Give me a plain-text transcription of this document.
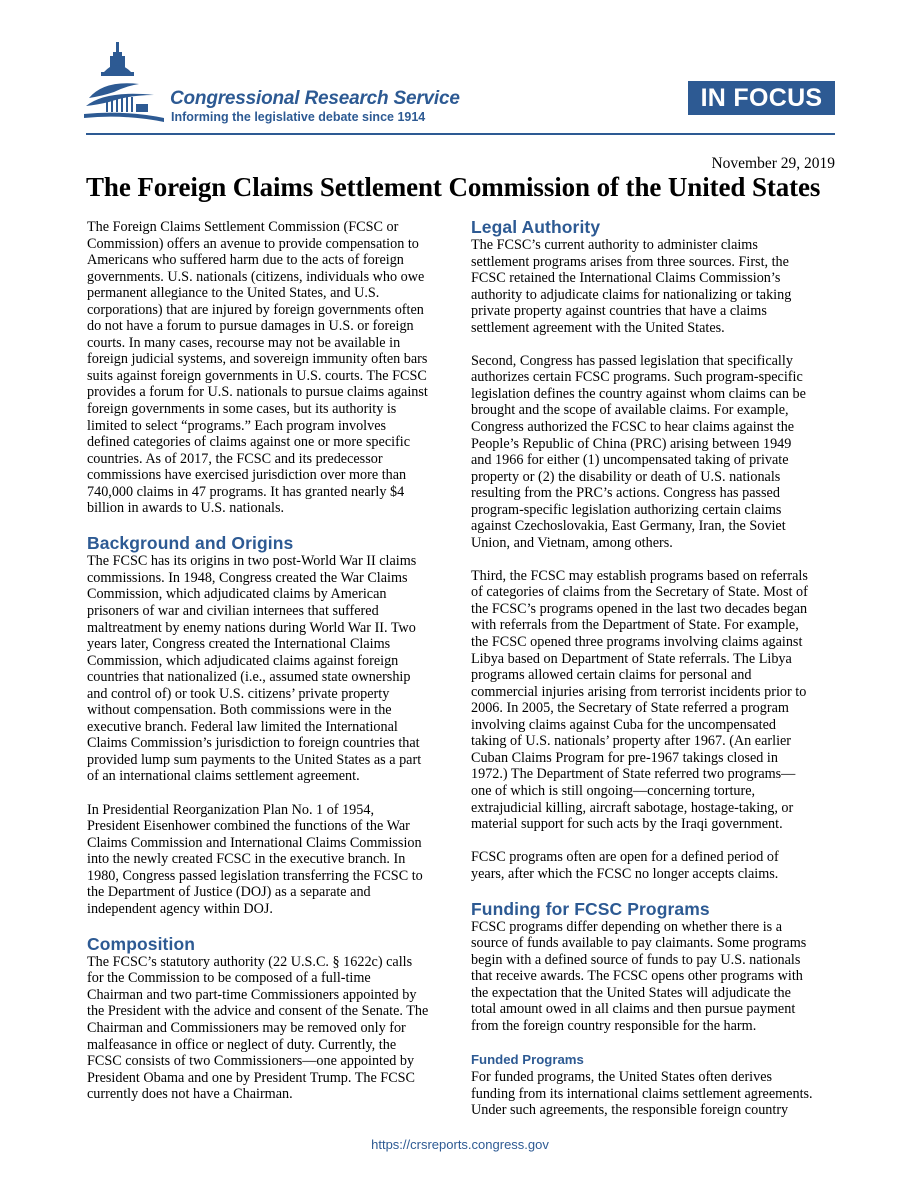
Congressional Research Service
Informing the legislative debate since 1914
IN FOCUS
November 29, 2019
The Foreign Claims Settlement Commission of the United States

The Foreign Claims Settlement Commission (FCSC or
Commission) offers an avenue to provide compensation to
Americans who suffered harm due to the acts of foreign
governments. U.S. nationals (citizens, individuals who owe
permanent allegiance to the United States, and U.S.
corporations) that are injured by foreign governments often
do not have a forum to pursue damages in U.S. or foreign
courts. In many cases, recourse may not be available in
foreign judicial systems, and sovereign immunity often bars
suits against foreign governments in U.S. courts. The FCSC
provides a forum for U.S. nationals to pursue claims against
foreign governments in some cases, but its authority is
limited to select “programs.” Each program involves
defined categories of claims against one or more specific
countries. As of 2017, the FCSC and its predecessor
commissions have exercised jurisdiction over more than
740,000 claims in 47 programs. It has granted nearly $4
billion in awards to U.S. nationals.

Background and Origins

The FCSC has its origins in two post-World War II claims
commissions. In 1948, Congress created the War Claims
Commission, which adjudicated claims by American
prisoners of war and civilian internees that suffered
maltreatment by enemy nations during World War II. Two
years later, Congress created the International Claims
Commission, which adjudicated claims against foreign
countries that nationalized (i.e., assumed state ownership
and control of) or took U.S. citizens’ private property
without compensation. Both commissions were in the
executive branch. Federal law limited the International
Claims Commission’s jurisdiction to foreign countries that
provided lump sum payments to the United States as a part
of an international claims settlement agreement.

In Presidential Reorganization Plan No. 1 of 1954,
President Eisenhower combined the functions of the War
Claims Commission and International Claims Commission
into the newly created FCSC in the executive branch. In
1980, Congress passed legislation transferring the FCSC to
the Department of Justice (DOJ) as a separate and
independent agency within DOJ.

Composition

The FCSC’s statutory authority (22 U.S.C. § 1622c) calls
for the Commission to be composed of a full-time
Chairman and two part-time Commissioners appointed by
the President with the advice and consent of the Senate. The
Chairman and Commissioners may be removed only for
malfeasance in office or neglect of duty. Currently, the
FCSC consists of two Commissioners—one appointed by
President Obama and one by President Trump. The FCSC
currently does not have a Chairman.

Legal Authority

The FCSC’s current authority to administer claims
settlement programs arises from three sources. First, the
FCSC retained the International Claims Commission’s
authority to adjudicate claims for nationalizing or taking
private property against countries that have a claims
settlement agreement with the United States.

Second, Congress has passed legislation that specifically
authorizes certain FCSC programs. Such program-specific
legislation defines the country against whom claims can be
brought and the scope of available claims. For example,
Congress authorized the FCSC to hear claims against the
People’s Republic of China (PRC) arising between 1949
and 1966 for either (1) uncompensated taking of private
property or (2) the disability or death of U.S. nationals
resulting from the PRC’s actions. Congress has passed
program-specific legislation authorizing certain claims
against Czechoslovakia, East Germany, Iran, the Soviet
Union, and Vietnam, among others.

Third, the FCSC may establish programs based on referrals
of categories of claims from the Secretary of State. Most of
the FCSC’s programs opened in the last two decades began
with referrals from the Department of State. For example,
the FCSC opened three programs involving claims against
Libya based on Department of State referrals. The Libya
programs allowed certain claims for personal and
commercial injuries arising from terrorist incidents prior to
2006. In 2005, the Secretary of State referred a program
involving claims against Cuba for the uncompensated
taking of U.S. nationals’ property after 1967. (An earlier
Cuban Claims Program for pre-1967 takings closed in
1972.) The Department of State referred two programs—
one of which is still ongoing—concerning torture,
extrajudicial killing, aircraft sabotage, hostage-taking, or
material support for such acts by the Iraqi government.

FCSC programs often are open for a defined period of
years, after which the FCSC no longer accepts claims.

Funding for FCSC Programs

FCSC programs differ depending on whether there is a
source of funds available to pay claimants. Some programs
begin with a defined source of funds to pay U.S. nationals
that receive awards. The FCSC opens other programs with
the expectation that the United States will adjudicate the
total amount owed in all claims and then pursue payment
from the foreign country responsible for the harm.

Funded Programs

For funded programs, the United States often derives
funding from its international claims settlement agreements.
Under such agreements, the responsible foreign country

https://crsreports.congress.gov
